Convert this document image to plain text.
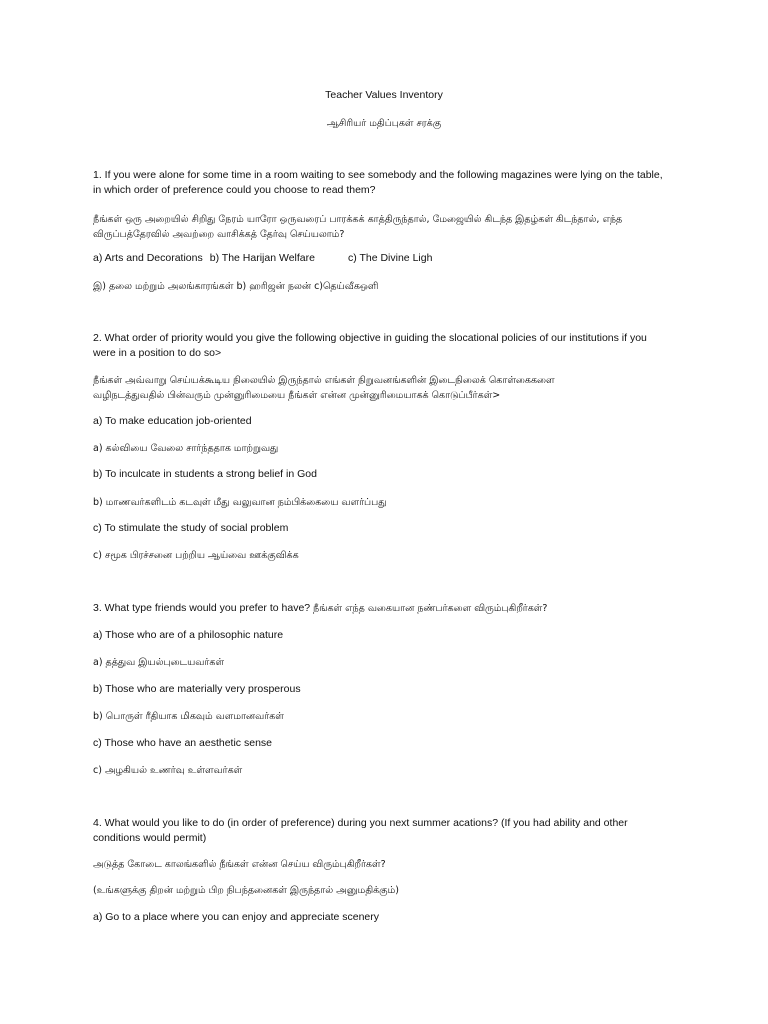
Teacher Values Inventory
ஆசிரியர் மதிப்புகள் சரக்கு
1. If you were alone for some time in a room waiting to see somebody and the following magazines were lying on the table,
in which order of preference could you choose to read them?
நீங்கள் ஒரு அறையில் சிறிது நேரம் யாரோ ஒருவரைப் பாரக்கக் காத்திருந்தால், மேஜையில் கிடந்த இதழ்கள் கிடந்தால், எந்த
விருப்பத்தேரவில் அவற்றை வாசிக்கத் தேர்வு செய்யலாம்?
a) Arts and Decorations b) The Harijan Welfare	c) The Divine Ligh
இ) தலை மற்றும் அலங்காரங்கள் b) ஹரிஜன் நலன் c)தெய்வீகஒளி
2. What order of priority would you give the following objective in guiding the slocational policies of our institutions if you
were in a position to do so>
நீங்கள் அவ்வாறு செய்யக்கூடிய நிலையில் இருந்தால் எங்கள் நிறுவனங்களின் இடைநிலைக் கொள்கைகளை
வழிநடத்துவதில் பின்வரும் முன்னுரிமையை நீங்கள் என்ன முன்னுரிமையாகக் கொடுப்பீர்கள்>
a) To make education job-oriented
a) கல்வியை வேலை சார்ந்ததாக மாற்றுவது
b) To inculcate in students a strong belief in God
b) மாணவர்களிடம் கடவுள் மீது வலுவான நம்பிக்கையை வளர்ப்பது
c) To stimulate the study of social problem
c) சமூக பிரச்சனை பற்றிய ஆய்வை ஊக்குவிக்க
3. What type friends would you prefer to have? நீங்கள் எந்த வகையான நண்பர்களை விரும்புகிறீர்கள்?
a) Those who are of a philosophic nature
a) தத்துவ இயல்புடையவர்கள்
b) Those who are materially very prosperous
b) பொருள் ரீதியாக மிகவும் வளமானவர்கள்
c) Those who have an aesthetic sense
c) அழகியல் உணர்வு உள்ளவர்கள்
4. What would you like to do (in order of preference) during you next summer acations? (If you had ability and other
conditions would permit)
அடுத்த கோடை காலங்களில் நீங்கள் என்ன செய்ய விரும்புகிறீர்கள்?
(உங்களுக்கு திறன் மற்றும் பிற நிபந்தனைகள் இருந்தால் அனுமதிக்கும்)
a) Go to a place where you can enjoy and appreciate scenery
